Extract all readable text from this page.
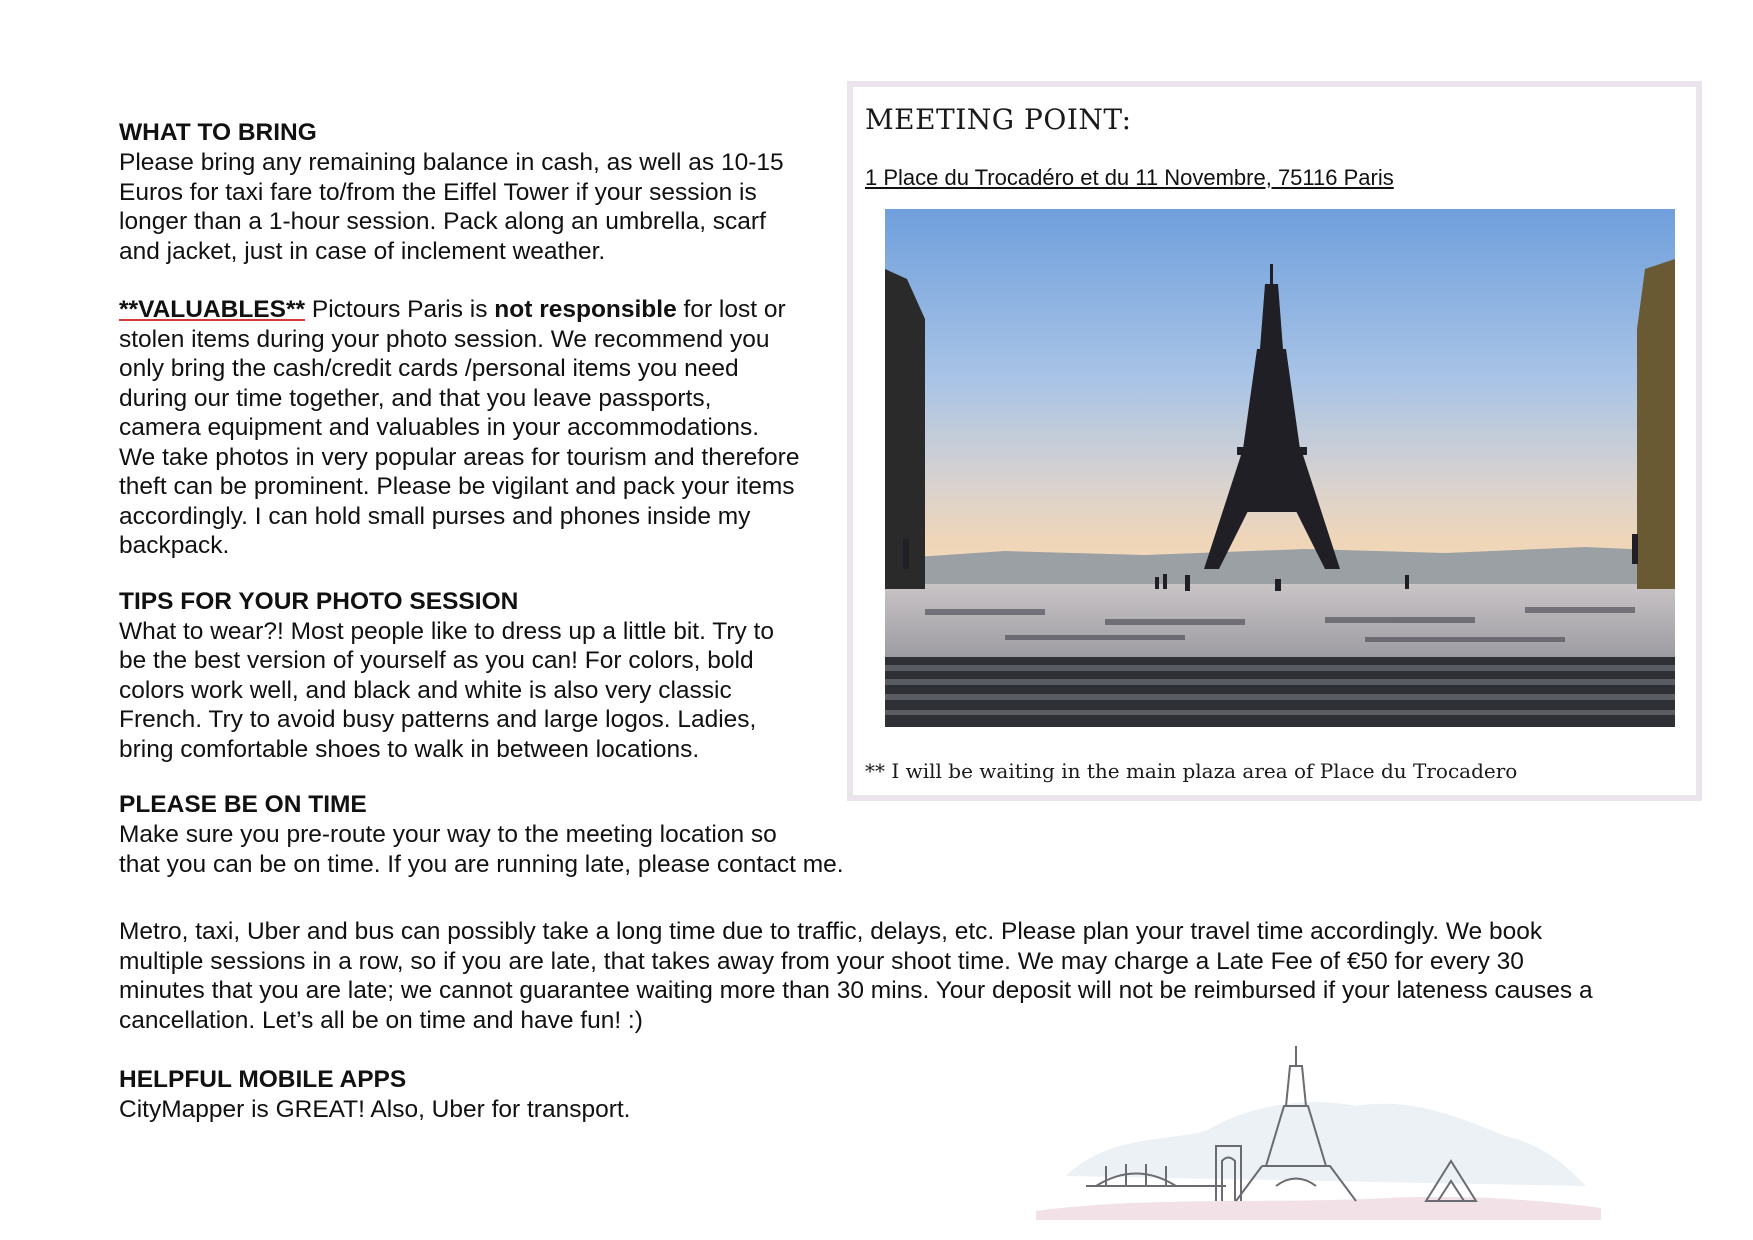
WHAT TO BRING

Please bring any remaining balance in cash, as well as 10-15

Euros for taxi fare to/from the Eiffel Tower if your session is

longer than a 1-hour session. Pack along an umbrella, scarf

and jacket, just in case of inclement weather.

**VALUABLES** Pictours Paris is not responsible for lost or

stolen items during your photo session. We recommend you

only bring the cash/credit cards /personal items you need

during our time together, and that you leave passports,

camera equipment and valuables in your accommodations.

We take photos in very popular areas for tourism and therefore

theft can be prominent. Please be vigilant and pack your items

accordingly. I can hold small purses and phones inside my

backpack.

TIPS FOR YOUR PHOTO SESSION

What to wear?! Most people like to dress up a little bit. Try to

be the best version of yourself as you can! For colors, bold

colors work well, and black and white is also very classic

French. Try to avoid busy patterns and large logos. Ladies,

bring comfortable shoes to walk in between locations.

PLEASE BE ON TIME

Make sure you pre-route your way to the meeting location so

that you can be on time. If you are running late, please contact me.

Metro, taxi, Uber and bus can possibly take a long time due to traffic, delays, etc. Please plan your travel time accordingly. We book

multiple sessions in a row, so if you are late, that takes away from your shoot time. We may charge a Late Fee of €50 for every 30

minutes that you are late; we cannot guarantee waiting more than 30 mins. Your deposit will not be reimbursed if your lateness causes a

cancellation. Let’s all be on time and have fun! :)

HELPFUL MOBILE APPS

CityMapper is GREAT! Also, Uber for transport.

MEETING POINT:

1 Place du Trocadéro et du 11 Novembre, 75116 Paris
** I will be waiting in the main plaza area of Place du Trocadero
